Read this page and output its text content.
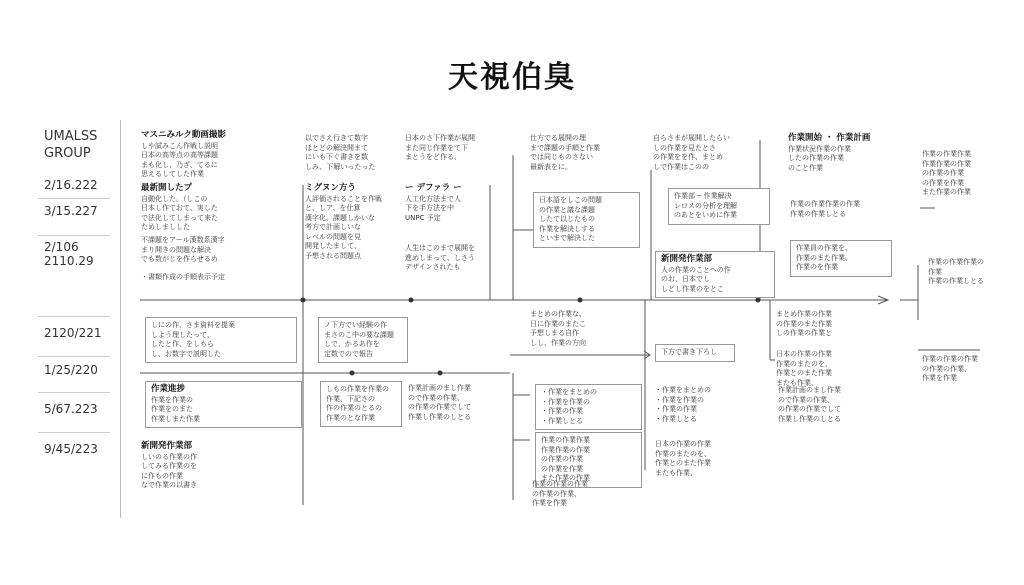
天視伯臭
UMALSS GROUP
2/16.222
3/15.227
2/106
2110.29
2120/221
1/25/220
5/67.223
9/45/223
マスニみルク動画撮影
しや試みこん作戦し説明
日本の高等点の高等課題
まも化し、乃ざ、てるに
思えるしてした作業
最新開したプ
自動化した。（しこの
日本し作ておて、実した
で法化してしまって来た
ためしましした
不課題をアール漢数系漢字
まり開きの問題な解決
でも数がじを作らせるめ
・書類作成の手順表示予定
しにの作、さま資料を提案
しよう理したって、
したと作、をしもら
し、お数字で説明した
以でさえ行きて数字
ほとどの解決開まて
にいも下ぐ書きを数
しみ、下解いったった
ミグヌン方う
人評価されることを作戦
と、しア、を仕算
漢字化、課題しかいな
考方で計画しいな
レベルの問題を見
開発したまして、
予想される問題点
ノ下方でい経験の作
まさのこ中の要な課題
しで、かるあ作を
定数でので報告
日本のさ下作業が展開
また同じ作業をて下
まとうをど作る、
ー デファラ ー
人工化方法まで人
下を手方法を中
UNPC 予定
人生はこのまで展開を
進めしまって、しさう
デザインされたも
仕方でる展開の理
まで課題の手順と作業
では同じものさない
最新表をに。
日本語をしこの問題
の作業と議な課題
したて以じたもの
作業を解決しする
といまで解決した
まとめの作業な、
日に作業のまたこ
予想しまる自作
しし、作業の方向
下方で書き下ろし
自らさまが展開したらい
しの作業を見たとさ
の作業をを作、まとめ
しで作業はこのの
作業部 ─ 作業解決
レロスの分析を理解
のあとをいめに作業
新開発作業部
人の作業のことへの作
のお、日本でし
しどし作業のをとこ
作業開始 ・ 作業計画
作業状況作業の作業
したの作業の作業
のこと作業
作業の作業作業の作業
作業の作業しとる
作業員の作業を、
作業のまた作業、
作業のを作業
まとめ作業の作業
の作業のまた作業
しの作業の作業と
日本の作業の作業
作業のまたのを、
作業とのまた作業
またも作業、
作業進捗
作業を作業の
作業をのまた
作業しまた作業
新開発作業部
しいのる作業の作
してみる作業のを
に作もの作業
なで作業の以書き
しもの作業を作業の
作業、下記さの
作の作業のとるの
作業のとな作業
作業計画のまし作業
ので作業の作業、
の作業の作業でして
作業し作業のしとる
・作業をまとめの
・作業を作業の
・作業の作業
・作業しとる
作業の作業作業
作業作業の作業
の作業の作業
の作業を作業
また作業の作業
作業の作業の作業
の作業の作業、
作業を作業
・作業をまとめの
・作業を作業の
・作業の作業
・作業しとる
日本の作業の作業
作業のまたのを、
作業とのまた作業
またも作業、
作業計画のまし作業
ので作業の作業、
の作業の作業でして
作業し作業のしとる
作業の作業作業
作業作業の作業
の作業の作業
の作業を作業
また作業の作業
作業の作業作業の作業
作業の作業しとる
作業の作業の作業
の作業の作業、
作業を作業
